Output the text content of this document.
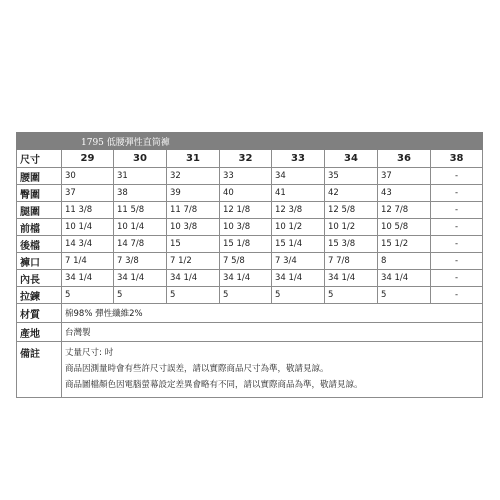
1795 低腰彈性直筒褲								
尺寸	29	30	31	32	33	34	36	38
腰圍	30	31	32	33	34	35	37	-
臀圍	37	38	39	40	41	42	43	-
腿圍	11 3/8	11 5/8	11 7/8	12 1/8	12 3/8	12 5/8	12 7/8	-
前檔	10 1/4	10 1/4	10 3/8	10 3/8	10 1/2	10 1/2	10 5/8	-
後檔	14 3/4	14 7/8	15	15 1/8	15 1/4	15 3/8	15 1/2	-
褲口	7 1/4	7 3/8	7 1/2	7 5/8	7 3/4	7 7/8	8	-
內長	34 1/4	34 1/4	34 1/4	34 1/4	34 1/4	34 1/4	34 1/4	-
拉鍊	5	5	5	5	5	5	5	-
材質	棉98% 彈性纖維2%							
產地	台灣製							
備註	丈量尺寸: 吋
商品因測量時會有些許尺寸誤差，請以實際商品尺寸為準，敬請見諒。
商品圖檔顏色因電腦螢幕設定差異會略有不同，請以實際商品為準，敬請見諒。							
